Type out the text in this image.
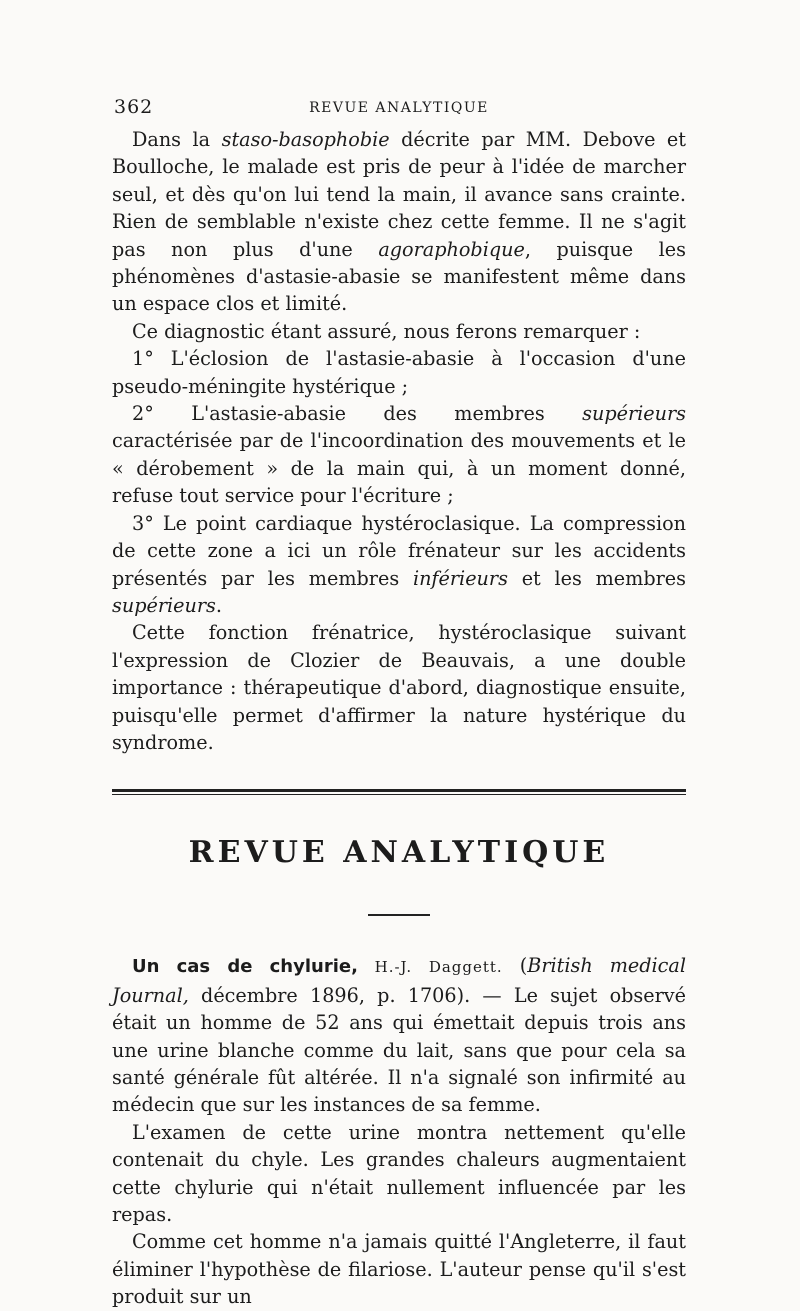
362	REVUE ANALYTIQUE

Dans la staso-basophobie décrite par MM. Debove et Boulloche, le malade est pris de peur à l'idée de marcher seul, et dès qu'on lui tend la main, il avance sans crainte. Rien de semblable n'existe chez cette femme. Il ne s'agit pas non plus d'une agoraphobique, puisque les phénomènes d'astasie-abasie se manifestent même dans un espace clos et limité.

Ce diagnostic étant assuré, nous ferons remarquer :

1° L'éclosion de l'astasie-abasie à l'occasion d'une pseudo-méningite hystérique ;

2° L'astasie-abasie des membres supérieurs caractérisée par de l'incoordination des mouvements et le « dérobement » de la main qui, à un moment donné, refuse tout service pour l'écriture ;

3° Le point cardiaque hystéroclasique. La compression de cette zone a ici un rôle frénateur sur les accidents présentés par les membres inférieurs et les membres supérieurs.

Cette fonction frénatrice, hystéroclasique suivant l'expression de Clozier de Beauvais, a une double importance : thérapeutique d'abord, diagnostique ensuite, puisqu'elle permet d'affirmer la nature hystérique du syndrome.

REVUE ANALYTIQUE

Un cas de chylurie, H.-J. Daggett. (British medical Journal, décembre 1896, p. 1706). — Le sujet observé était un homme de 52 ans qui émettait depuis trois ans une urine blanche comme du lait, sans que pour cela sa santé générale fût altérée. Il n'a signalé son infirmité au médecin que sur les instances de sa femme.

L'examen de cette urine montra nettement qu'elle contenait du chyle. Les grandes chaleurs augmentaient cette chylurie qui n'était nullement influencée par les repas.

Comme cet homme n'a jamais quitté l'Angleterre, il faut éliminer l'hypothèse de filariose. L'auteur pense qu'il s'est produit sur un
